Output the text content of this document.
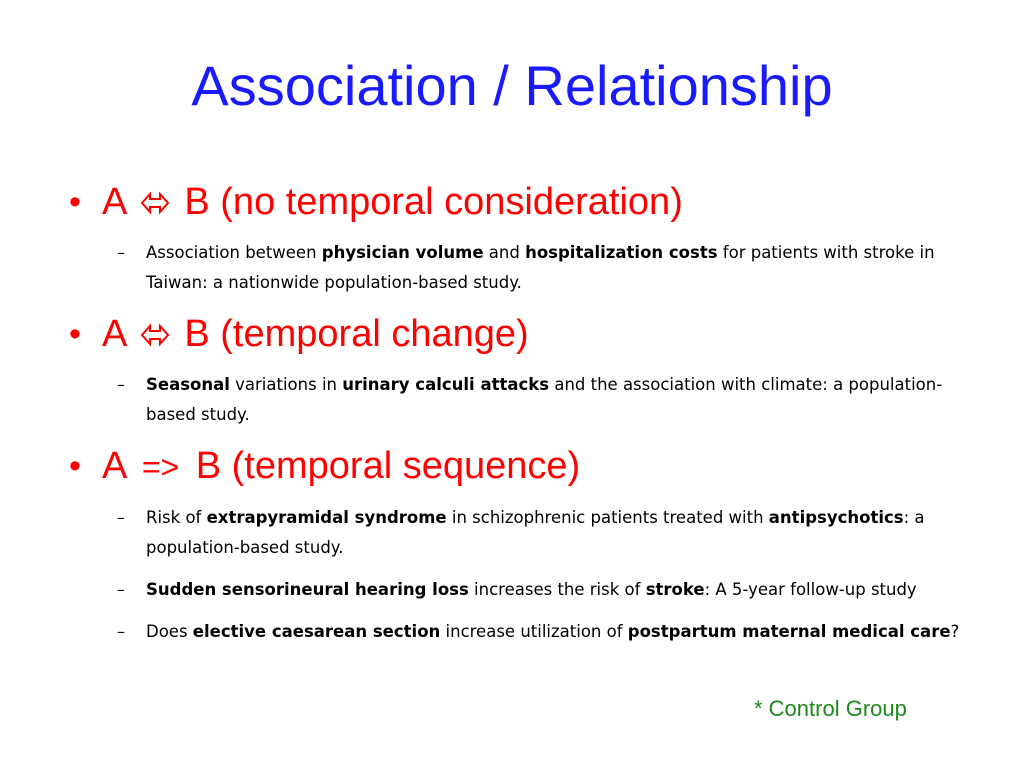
Association / Relationship
• A B (no temporal consideration)
–	Association between physician volume and hospitalization costs for patients with stroke in Taiwan: a nationwide population-based study.
• A B (temporal change)
–	Seasonal variations in urinary calculi attacks and the association with climate: a population-based study.
• A => B (temporal sequence)
–	Risk of extrapyramidal syndrome in schizophrenic patients treated with antipsychotics: a population-based study.
–	Sudden sensorineural hearing loss increases the risk of stroke: A 5-year follow-up study
–	Does elective caesarean section increase utilization of postpartum maternal medical care?
* Control Group
